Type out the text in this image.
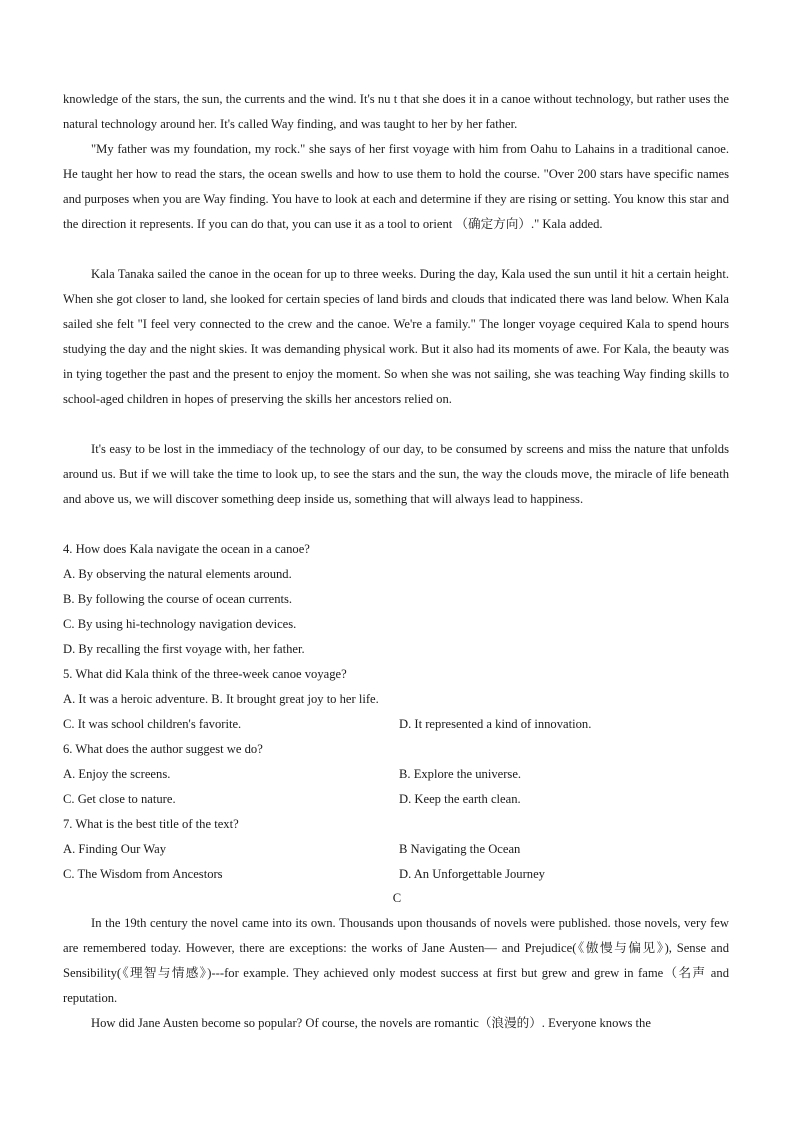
knowledge of the stars, the sun, the currents and the wind. It's nu t that she does it in a canoe without technology, but rather uses the natural technology around her. It's called Way finding, and was taught to her by her father.
"My father was my foundation, my rock." she says of her first voyage with him from Oahu to Lahains in a traditional canoe. He taught her how to read the stars, the ocean swells and how to use them to hold the course. "Over 200 stars have specific names and purposes when you are Way finding. You have to look at each and determine if they are rising or setting. You know this star and the direction it represents. If you can do that, you can use it as a tool to orient （确定方向）." Kala added.
Kala Tanaka sailed the canoe in the ocean for up to three weeks. During the day, Kala used the sun until it hit a certain height. When she got closer to land, she looked for certain species of land birds and clouds that indicated there was land below. When Kala sailed she felt "I feel very connected to the crew and the canoe. We're a family." The longer voyage cequired Kala to spend hours studying the day and the night skies. It was demanding physical work. But it also had its moments of awe. For Kala, the beauty was in tying together the past and the present to enjoy the moment. So when she was not sailing, she was teaching Way finding skills to school-aged children in hopes of preserving the skills her ancestors relied on.
It's easy to be lost in the immediacy of the technology of our day, to be consumed by screens and miss the nature that unfolds around us. But if we will take the time to look up, to see the stars and the sun, the way the clouds move, the miracle of life beneath and above us, we will discover something deep inside us, something that will always lead to happiness.
4. How does Kala navigate the ocean in a canoe?
A. By observing the natural elements around.
B. By following the course of ocean currents.
C. By using hi-technology navigation devices.
D. By recalling the first voyage with, her father.
5. What did Kala think of the three-week canoe voyage?
A. It was a heroic adventure. B. It brought great joy to her life.
C. It was school children's favorite.	D. It represented a kind of innovation.
6. What does the author suggest we do?
A. Enjoy the screens.	B. Explore the universe.
C. Get close to nature.	D. Keep the earth clean.
7. What is the best title of the text?
A. Finding Our Way	B Navigating the Ocean
C. The Wisdom from Ancestors	D. An Unforgettable Journey
C
In the 19th century the novel came into its own. Thousands upon thousands of novels were published. those novels, very few are remembered today. However, there are exceptions: the works of Jane Austen— and Prejudice(《傲慢与偏见》), Sense and Sensibility(《理智与情感》)---for example. They achieved only modest success at first but grew and grew in fame（名声 and reputation.
How did Jane Austen become so popular? Of course, the novels are romantic（浪漫的）. Everyone knows the
